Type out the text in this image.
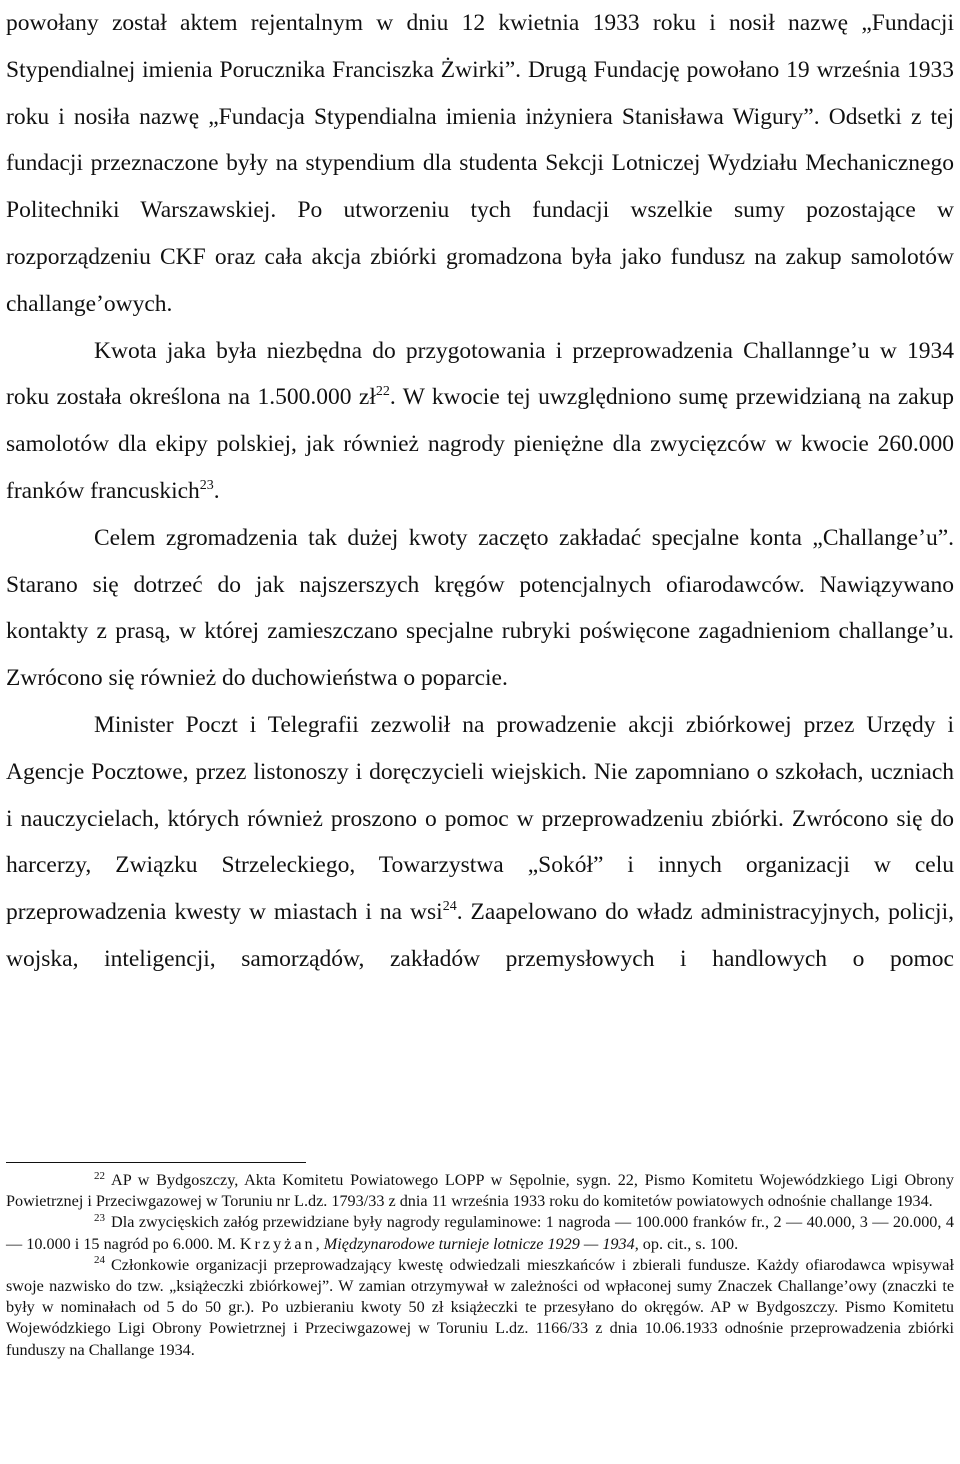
powołany został aktem rejentalnym w dniu 12 kwietnia 1933 roku i nosił nazwę „Fundacji Stypendialnej imienia Porucznika Franciszka Żwirki”. Drugą Fundację powołano 19 września 1933 roku i nosiła nazwę „Fundacja Stypendialna imienia inżyniera Stanisława Wigury”. Odsetki z tej fundacji przeznaczone były na stypendium dla studenta Sekcji Lotniczej Wydziału Mechanicznego Politechniki Warszawskiej. Po utworzeniu tych fundacji wszelkie sumy pozostające w rozporządzeniu CKF oraz cała akcja zbiórki gromadzona była jako fundusz na zakup samolotów challange’owych.

Kwota jaka była niezbędna do przygotowania i przeprowadzenia Challannge’u w 1934 roku została określona na 1.500.000 zł$^{22}$. W kwocie tej uwzględniono sumę przewidzianą na zakup samolotów dla ekipy polskiej, jak również nagrody pieniężne dla zwycięzców w kwocie 260.000 franków francuskich$^{23}$.

Celem zgromadzenia tak dużej kwoty zaczęto zakładać specjalne konta „Challange’u”. Starano się dotrzeć do jak najszerszych kręgów potencjalnych ofiarodawców. Nawiązywano kontakty z prasą, w której zamieszczano specjalne rubryki poświęcone zagadnieniom challange’u. Zwrócono się również do duchowieństwa o poparcie.

Minister Poczt i Telegrafii zezwolił na prowadzenie akcji zbiórkowej przez Urzędy i Agencje Pocztowe, przez listonoszy i doręczycieli wiejskich. Nie zapomniano o szkołach, uczniach i nauczycielach, których również proszono o pomoc w przeprowadzeniu zbiórki. Zwrócono się do harcerzy, Związku Strzeleckiego, Towarzystwa „Sokół” i innych organizacji w celu przeprowadzenia kwesty w miastach i na wsi$^{24}$. Zaapelowano do władz administracyjnych, policji, wojska, inteligencji, samorządów, zakładów przemysłowych i handlowych o pomoc

$^{22}$ AP w Bydgoszczy, Akta Komitetu Powiatowego LOPP w Sępolnie, sygn. 22, Pismo Komitetu Wojewódzkiego Ligi Obrony Powietrznej i Przeciwgazowej w Toruniu nr L.dz. 1793/33 z dnia 11 września 1933 roku do komitetów powiatowych odnośnie challange 1934.

$^{23}$ Dla zwycięskich załóg przewidziane były nagrody regulaminowe: 1 nagroda — 100.000 franków fr., 2 — 40.000, 3 — 20.000, 4 — 10.000 i 15 nagród po 6.000. M. Krzyżan, Międzynarodowe turnieje lotnicze 1929 — 1934, op. cit., s. 100.

$^{24}$ Członkowie organizacji przeprowadzający kwestę odwiedzali mieszkańców i zbierali fundusze. Każdy ofiarodawca wpisywał swoje nazwisko do tzw. „książeczki zbiórkowej”. W zamian otrzymywał w zależności od wpłaconej sumy Znaczek Challange’owy (znaczki te były w nominałach od 5 do 50 gr.). Po uzbieraniu kwoty 50 zł książeczki te przesyłano do okręgów. AP w Bydgoszczy. Pismo Komitetu Wojewódzkiego Ligi Obrony Powietrznej i Przeciwgazowej w Toruniu L.dz. 1166/33 z dnia 10.06.1933 odnośnie przeprowadzenia zbiórki funduszy na Challange 1934.
